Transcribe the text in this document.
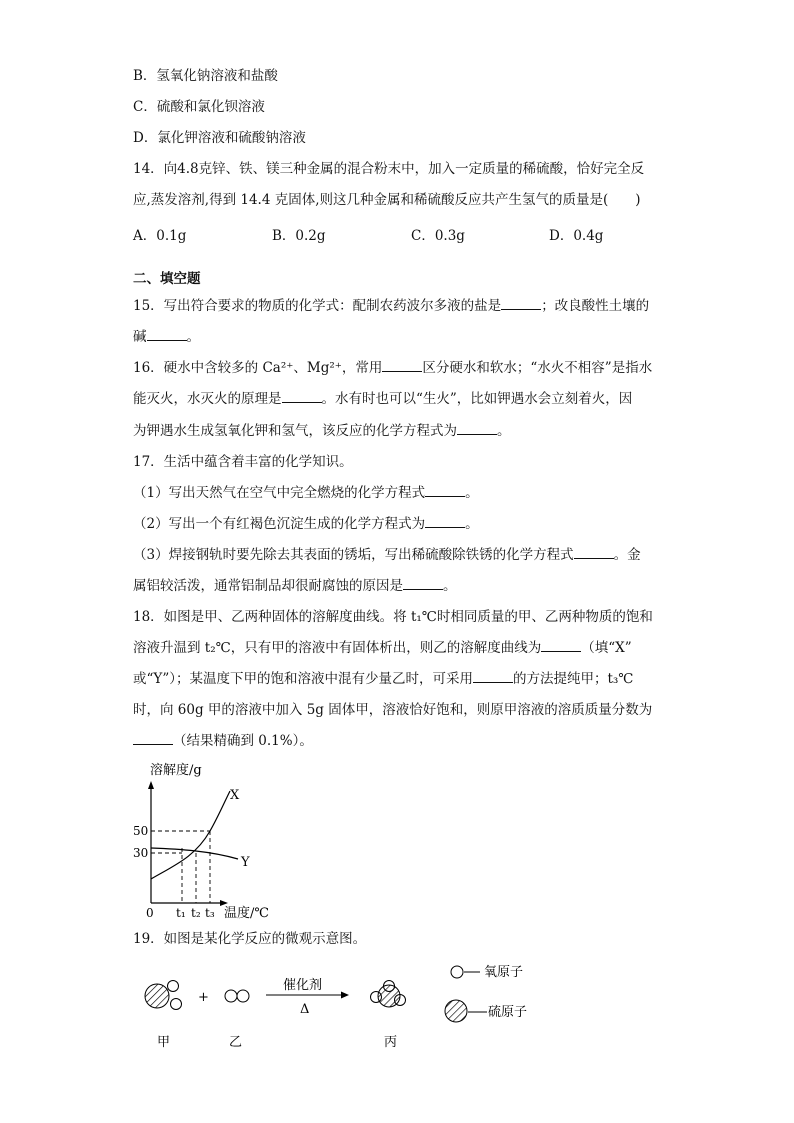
B．氢氧化钠溶液和盐酸
C．硫酸和氯化钡溶液
D．氯化钾溶液和硫酸钠溶液
14．向4.8克锌、铁、镁三种金属的混合粉末中，加入一定质量的稀硫酸，恰好完全反
应,蒸发溶剂,得到 14.4 克固体,则这几种金属和稀硫酸反应共产生氢气的质量是(　　)
A．0.1g	B．0.2g	C．0.3g	D．0.4g
二、填空题
15．写出符合要求的物质的化学式：配制农药波尔多液的盐是	；改良酸性土壤的
碱	。
16．硬水中含较多的 Ca²⁺、Mg²⁺，常用	区分硬水和软水；“水火不相容”是指水
能灭火，水灭火的原理是	。水有时也可以“生火”，比如钾遇水会立刻着火，因
为钾遇水生成氢氧化钾和氢气，该反应的化学方程式为	。
17．生活中蕴含着丰富的化学知识。
（1）写出天然气在空气中完全燃烧的化学方程式	。
（2）写出一个有红褐色沉淀生成的化学方程式为	。
（3）焊接钢轨时要先除去其表面的锈垢，写出稀硫酸除铁锈的化学方程式	。金
属铝较活泼，通常铝制品却很耐腐蚀的原因是	。
18．如图是甲、乙两种固体的溶解度曲线。将 t₁℃时相同质量的甲、乙两种物质的饱和
溶液升温到 t₂℃，只有甲的溶液中有固体析出，则乙的溶解度曲线为	（填“X”
或“Y”）；某温度下甲的饱和溶液中混有少量乙时，可采用	的方法提纯甲；t₃℃
时，向 60g 甲的溶液中加入 5g 固体甲，溶液恰好饱和，则原甲溶液的溶质质量分数为
（结果精确到 0.1%）。
溶解度/g
50
30
0 t₁ t₂ t₃ 温度/℃
X
Y
19．如图是某化学反应的微观示意图。
+
催化剂
Δ
氧原子
硫原子
甲	乙	丙
